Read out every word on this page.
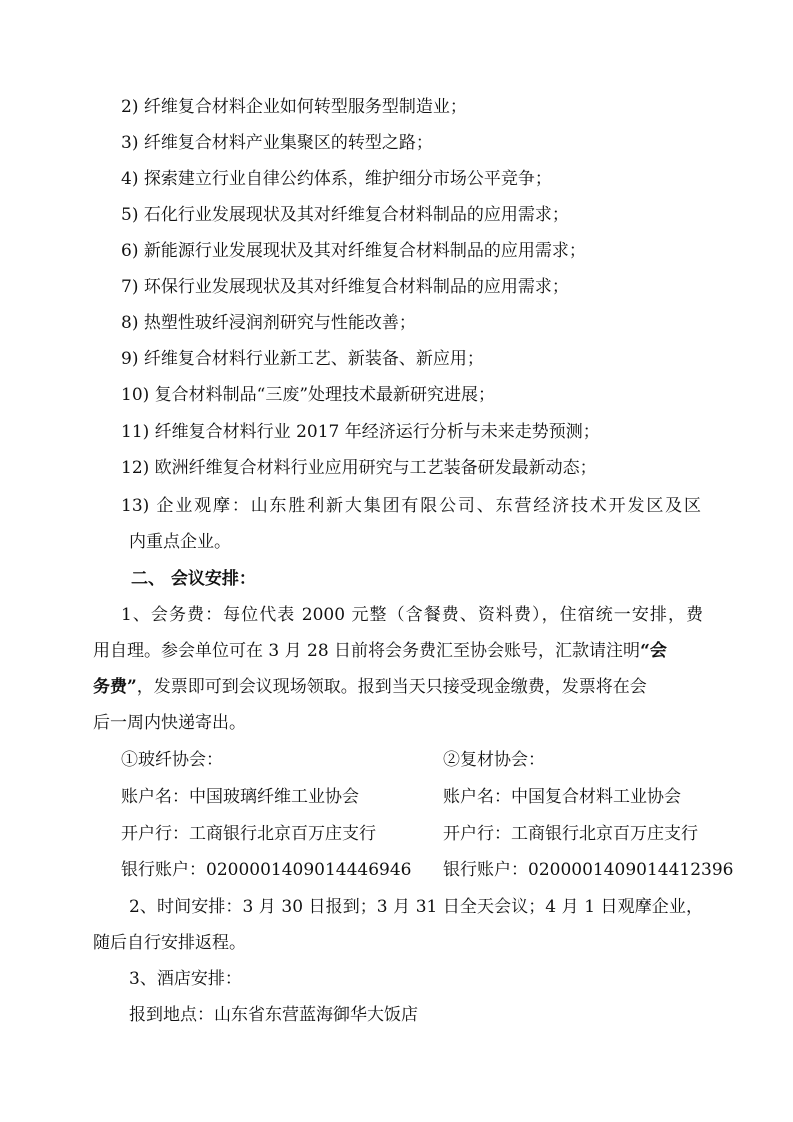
2) 纤维复合材料企业如何转型服务型制造业；
3) 纤维复合材料产业集聚区的转型之路；
4) 探索建立行业自律公约体系，维护细分市场公平竞争；
5) 石化行业发展现状及其对纤维复合材料制品的应用需求；
6) 新能源行业发展现状及其对纤维复合材料制品的应用需求；
7) 环保行业发展现状及其对纤维复合材料制品的应用需求；
8) 热塑性玻纤浸润剂研究与性能改善；
9) 纤维复合材料行业新工艺、新装备、新应用；
10) 复合材料制品“三废”处理技术最新研究进展；
11) 纤维复合材料行业 2017 年经济运行分析与未来走势预测；
12) 欧洲纤维复合材料行业应用研究与工艺装备研发最新动态；
13) 企业观摩：山东胜利新大集团有限公司、东营经济技术开发区及区
内重点企业。
二、 会议安排：
1、会务费：每位代表 2000 元整（含餐费、资料费），住宿统一安排，费
用自理。参会单位可在 3 月 28 日前将会务费汇至协会账号，汇款请注明“会
务费”，发票即可到会议现场领取。报到当天只接受现金缴费，发票将在会
后一周内快递寄出。
①玻纤协会：	②复材协会：
账户名：中国玻璃纤维工业协会	账户名：中国复合材料工业协会
开户行：工商银行北京百万庄支行	开户行：工商银行北京百万庄支行
银行账户：0200001409014446946 银行账户：0200001409014412396
2、时间安排：3 月 30 日报到；3 月 31 日全天会议；4 月 1 日观摩企业，
随后自行安排返程。
3、酒店安排：
报到地点：山东省东营蓝海御华大饭店
